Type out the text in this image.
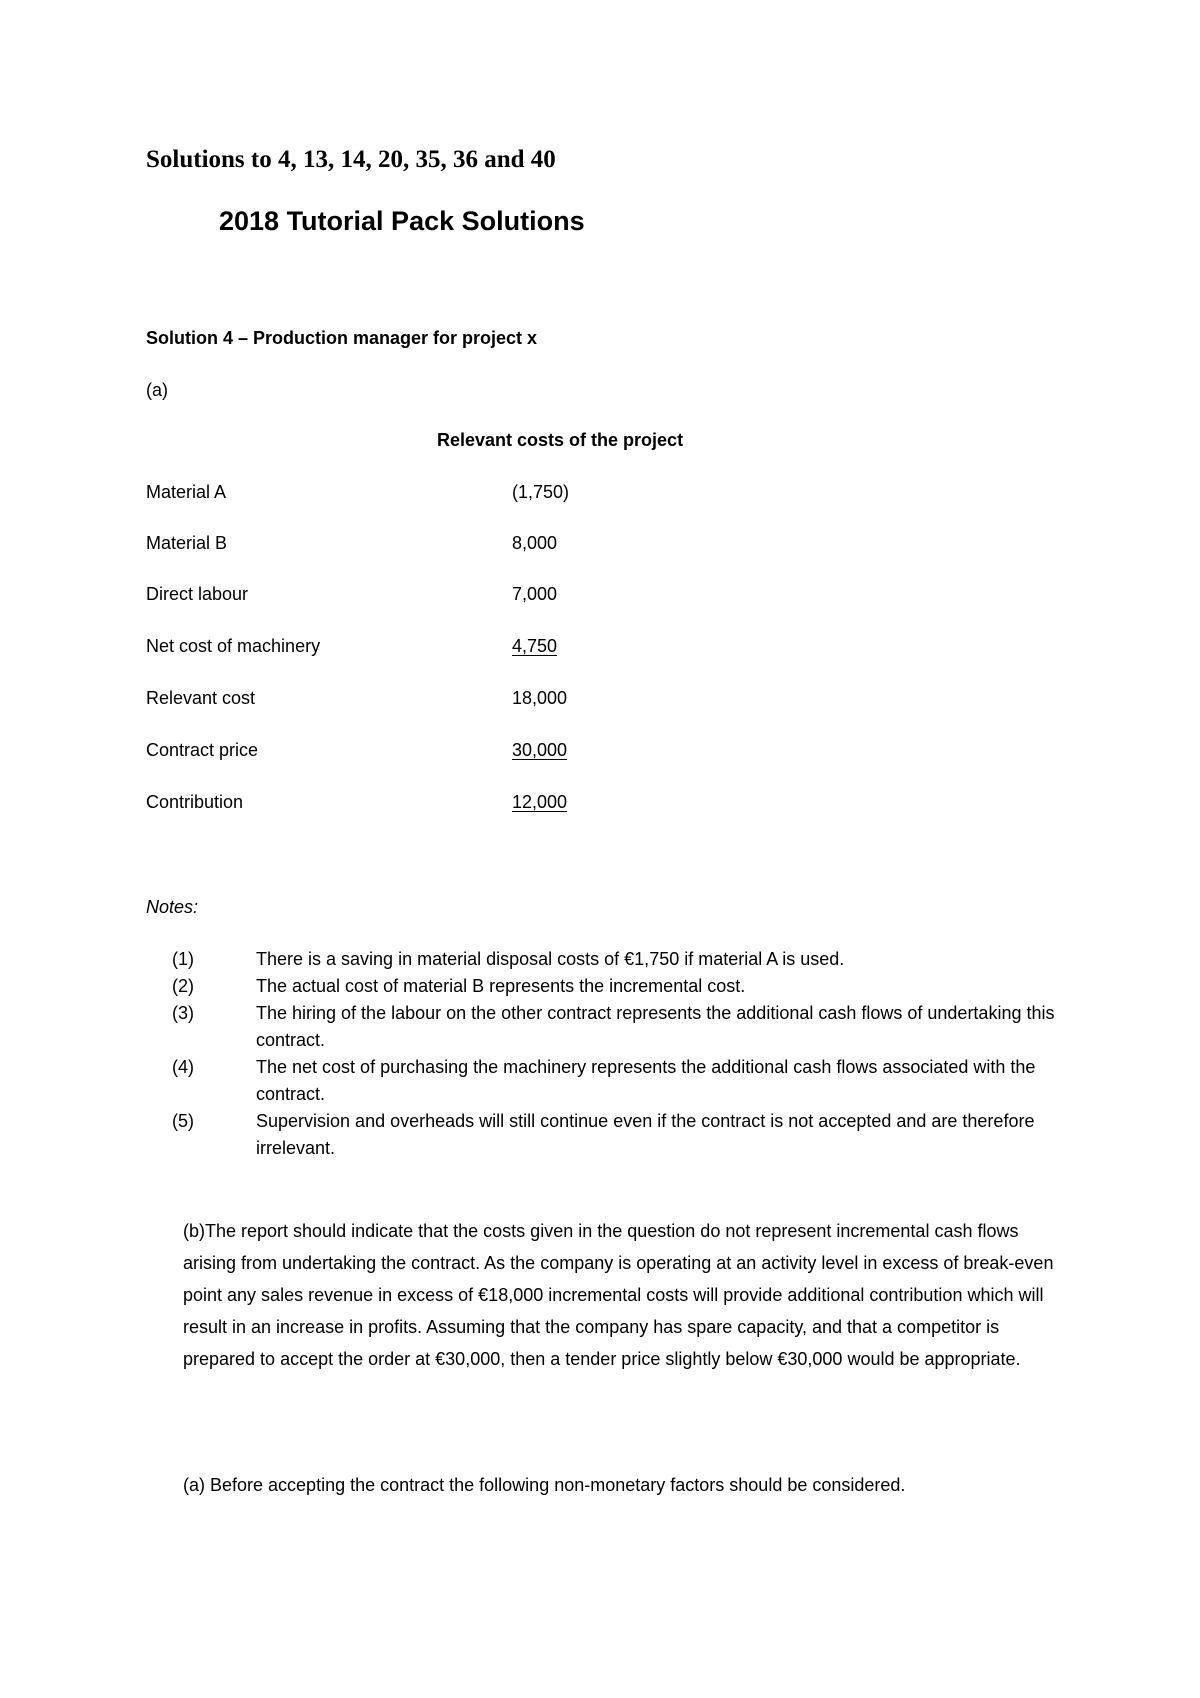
Solutions to 4, 13, 14, 20, 35, 36 and 40
2018 Tutorial Pack Solutions
Solution 4 – Production manager for project x
(a)
Relevant costs of the project
Material A	(1,750)
Material B	8,000
Direct labour	7,000
Net cost of machinery	4,750
Relevant cost	18,000
Contract price	30,000
Contribution	12,000
Notes:
(1)	There is a saving in material disposal costs of €1,750 if material A is used.
(2)	The actual cost of material B represents the incremental cost.
(3)	The hiring of the labour on the other contract represents the additional cash flows of undertaking this contract.
(4)	The net cost of purchasing the machinery represents the additional cash flows associated with the contract.
(5)	Supervision and overheads will still continue even if the contract is not accepted and are therefore irrelevant.

(b)The report should indicate that the costs given in the question do not represent incremental cash flows arising from undertaking the contract. As the company is operating at an activity level in excess of break-even point any sales revenue in excess of €18,000 incremental costs will provide additional contribution which will result in an increase in profits. Assuming that the company has spare capacity, and that a competitor is prepared to accept the order at €30,000, then a tender price slightly below €30,000 would be appropriate.

(a) Before accepting the contract the following non-monetary factors should be considered.
